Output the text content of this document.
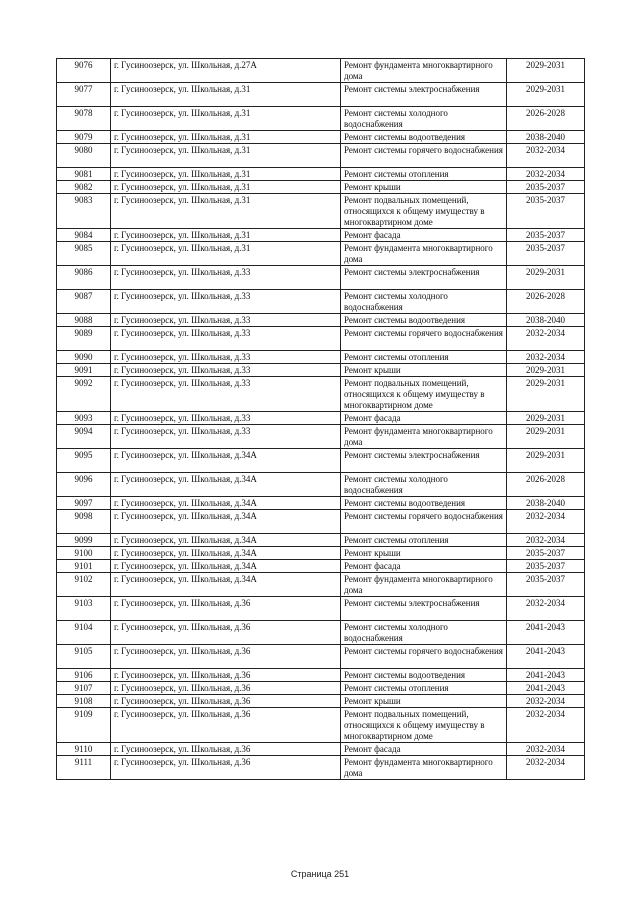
9076	г. Гусиноозерск, ул. Школьная, д.27А	Ремонт фундамента многоквартирного дома	2029-2031
9077	г. Гусиноозерск, ул. Школьная, д.31	Ремонт системы электроснабжения	2029-2031
9078	г. Гусиноозерск, ул. Школьная, д.31	Ремонт системы холодного водоснабжения	2026-2028
9079	г. Гусиноозерск, ул. Школьная, д.31	Ремонт системы водоотведения	2038-2040
9080	г. Гусиноозерск, ул. Школьная, д.31	Ремонт системы горячего водоснабжения	2032-2034
9081	г. Гусиноозерск, ул. Школьная, д.31	Ремонт системы отопления	2032-2034
9082	г. Гусиноозерск, ул. Школьная, д.31	Ремонт крыши	2035-2037
9083	г. Гусиноозерск, ул. Школьная, д.31	Ремонт подвальных помещений, относящихся к общему имуществу в многоквартирном доме	2035-2037
9084	г. Гусиноозерск, ул. Школьная, д.31	Ремонт фасада	2035-2037
9085	г. Гусиноозерск, ул. Школьная, д.31	Ремонт фундамента многоквартирного дома	2035-2037
9086	г. Гусиноозерск, ул. Школьная, д.33	Ремонт системы электроснабжения	2029-2031
9087	г. Гусиноозерск, ул. Школьная, д.33	Ремонт системы холодного водоснабжения	2026-2028
9088	г. Гусиноозерск, ул. Школьная, д.33	Ремонт системы водоотведения	2038-2040
9089	г. Гусиноозерск, ул. Школьная, д.33	Ремонт системы горячего водоснабжения	2032-2034
9090	г. Гусиноозерск, ул. Школьная, д.33	Ремонт системы отопления	2032-2034
9091	г. Гусиноозерск, ул. Школьная, д.33	Ремонт крыши	2029-2031
9092	г. Гусиноозерск, ул. Школьная, д.33	Ремонт подвальных помещений, относящихся к общему имуществу в многоквартирном доме	2029-2031
9093	г. Гусиноозерск, ул. Школьная, д.33	Ремонт фасада	2029-2031
9094	г. Гусиноозерск, ул. Школьная, д.33	Ремонт фундамента многоквартирного дома	2029-2031
9095	г. Гусиноозерск, ул. Школьная, д.34А	Ремонт системы электроснабжения	2029-2031
9096	г. Гусиноозерск, ул. Школьная, д.34А	Ремонт системы холодного водоснабжения	2026-2028
9097	г. Гусиноозерск, ул. Школьная, д.34А	Ремонт системы водоотведения	2038-2040
9098	г. Гусиноозерск, ул. Школьная, д.34А	Ремонт системы горячего водоснабжения	2032-2034
9099	г. Гусиноозерск, ул. Школьная, д.34А	Ремонт системы отопления	2032-2034
9100	г. Гусиноозерск, ул. Школьная, д.34А	Ремонт крыши	2035-2037
9101	г. Гусиноозерск, ул. Школьная, д.34А	Ремонт фасада	2035-2037
9102	г. Гусиноозерск, ул. Школьная, д.34А	Ремонт фундамента многоквартирного дома	2035-2037
9103	г. Гусиноозерск, ул. Школьная, д.36	Ремонт системы электроснабжения	2032-2034
9104	г. Гусиноозерск, ул. Школьная, д.36	Ремонт системы холодного водоснабжения	2041-2043
9105	г. Гусиноозерск, ул. Школьная, д.36	Ремонт системы горячего водоснабжения	2041-2043
9106	г. Гусиноозерск, ул. Школьная, д.36	Ремонт системы водоотведения	2041-2043
9107	г. Гусиноозерск, ул. Школьная, д.36	Ремонт системы отопления	2041-2043
9108	г. Гусиноозерск, ул. Школьная, д.36	Ремонт крыши	2032-2034
9109	г. Гусиноозерск, ул. Школьная, д.36	Ремонт подвальных помещений, относящихся к общему имуществу в многоквартирном доме	2032-2034
9110	г. Гусиноозерск, ул. Школьная, д.36	Ремонт фасада	2032-2034
9111	г. Гусиноозерск, ул. Школьная, д.36	Ремонт фундамента многоквартирного дома	2032-2034
Страница 251
